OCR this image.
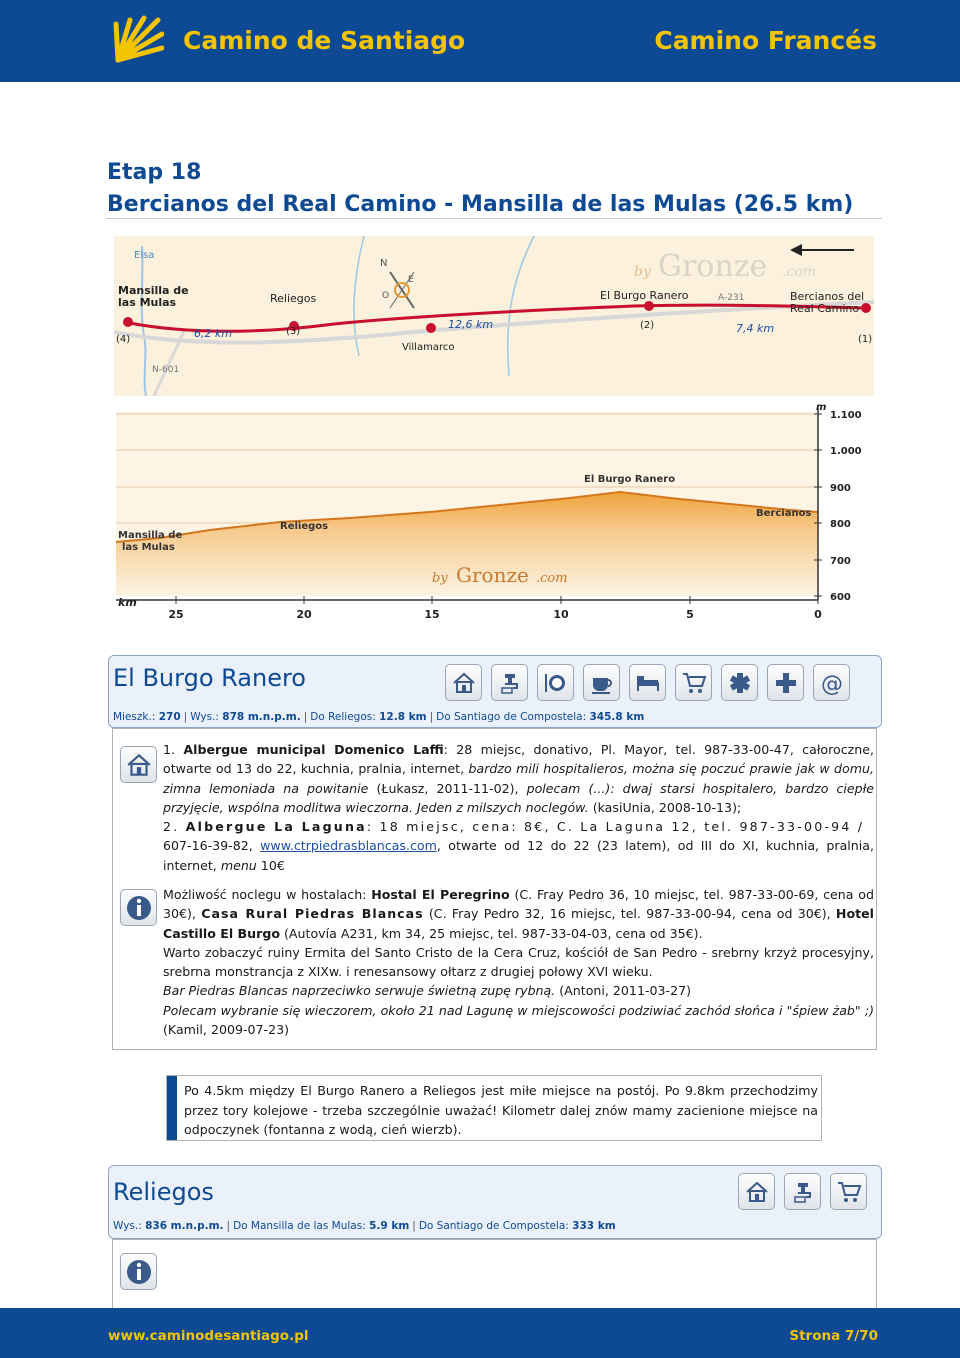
Camino de Santiago	Camino Francés
Etap 18
Bercianos del Real Camino - Mansilla de las Mulas (26.5 km)
N
O
E
Elsa
Mansilla de
las Mulas
N-601
Reliegos
Villamarco
El Burgo Ranero	A-231	Bercianos del
Real Camino
6,2 km
12,6 km	7,4 km
(1)
(2)
(3)
(4)
by Gronze .com
1.100
1.000
900
800
700
600
25	20	15	10	5	0
m
km
Mansilla de
las Mulas
Reliegos
El Burgo Ranero
Bercianos
by Gronze .com
El Burgo Ranero
Mieszk.: 270 | Wys.: 878 m.n.p.m. | Do Reliegos: 12.8 km | Do Santiago de Compostela: 345.8 km
@

1. Albergue municipal Domenico Laffi: 28 miejsc, donativo, Pl. Mayor, tel. 987-33-00-47, całoroczne, otwarte od 13 do 22, kuchnia, pralnia, internet, bardzo mili hospitalieros, można się poczuć prawie jak w domu, zimna lemoniada na powitanie (Łukasz, 2011-11-02), polecam (...): dwaj starsi hospitalero, bardzo ciepłe przyjęcie, wspólna modlitwa wieczorna. Jeden z milszych noclegów. (kasiUnia, 2008-10-13);

2. Albergue La Laguna: 18 miejsc, cena: 8€, C. La Laguna 12, tel. 987-33-00-94 /

607-16-39-82, www.ctrpiedrasblancas.com, otwarte od 12 do 22 (23 latem), od III do XI, kuchnia, pralnia, internet, menu 10€

Możliwość noclegu w hostalach: Hostal El Peregrino (C. Fray Pedro 36, 10 miejsc, tel. 987-33-00-69, cena od 30€), Casa Rural Piedras Blancas (C. Fray Pedro 32, 16 miejsc, tel. 987-33-00-94, cena od 30€), Hotel Castillo El Burgo (Autovía A231, km 34, 25 miejsc, tel. 987-33-04-03, cena od 35€).

Warto zobaczyć ruiny Ermita del Santo Cristo de la Cera Cruz, kościół de San Pedro - srebrny krzyż procesyjny, srebrna monstrancja z XIXw. i renesansowy ołtarz z drugiej połowy XVI wieku.

Bar Piedras Blancas naprzeciwko serwuje świetną zupę rybną. (Antoni, 2011-03-27)

Polecam wybranie się wieczorem, około 21 nad Lagunę w miejscowości podziwiać zachód słońca i "śpiew żab" ;) (Kamil, 2009-07-23)

Po 4.5km między El Burgo Ranero a Reliegos jest miłe miejsce na postój. Po 9.8km przechodzimy przez tory kolejowe - trzeba szczególnie uważać! Kilometr dalej znów mamy zacienione miejsce na odpoczynek (fontanna z wodą, cień wierzb).
Reliegos
Wys.: 836 m.n.p.m. | Do Mansilla de las Mulas: 5.9 km | Do Santiago de Compostela: 333 km
www.caminodesantiago.pl	Strona 7/70
